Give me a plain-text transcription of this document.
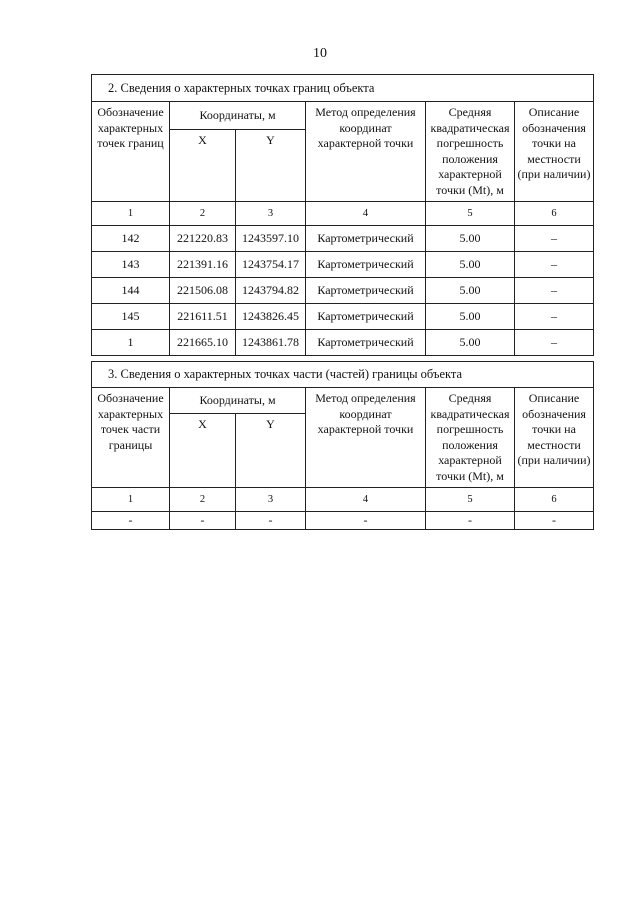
10
2. Сведения о характерных точках границ объекта					
Обозначение характерных точек границ	Координаты, м		Метод определения координат характерной точки	Средняя квадратическая погрешность положения характерной точки (Mt), м	Описание обозначения точки на местности (при наличии)
	X	Y			
1	2	3	4	5	6
142	221220.83	1243597.10	Картометрический	5.00	–
143	221391.16	1243754.17	Картометрический	5.00	–
144	221506.08	1243794.82	Картометрический	5.00	–
145	221611.51	1243826.45	Картометрический	5.00	–
1	221665.10	1243861.78	Картометрический	5.00	–
3. Сведения о характерных точках части (частей) границы объекта					
Обозначение характерных точек части границы	Координаты, м		Метод определения координат характерной точки	Средняя квадратическая погрешность положения характерной точки (Mt), м	Описание обозначения точки на местности (при наличии)
	X	Y			
1	2	3	4	5	6
-	-	-	-	-	-
